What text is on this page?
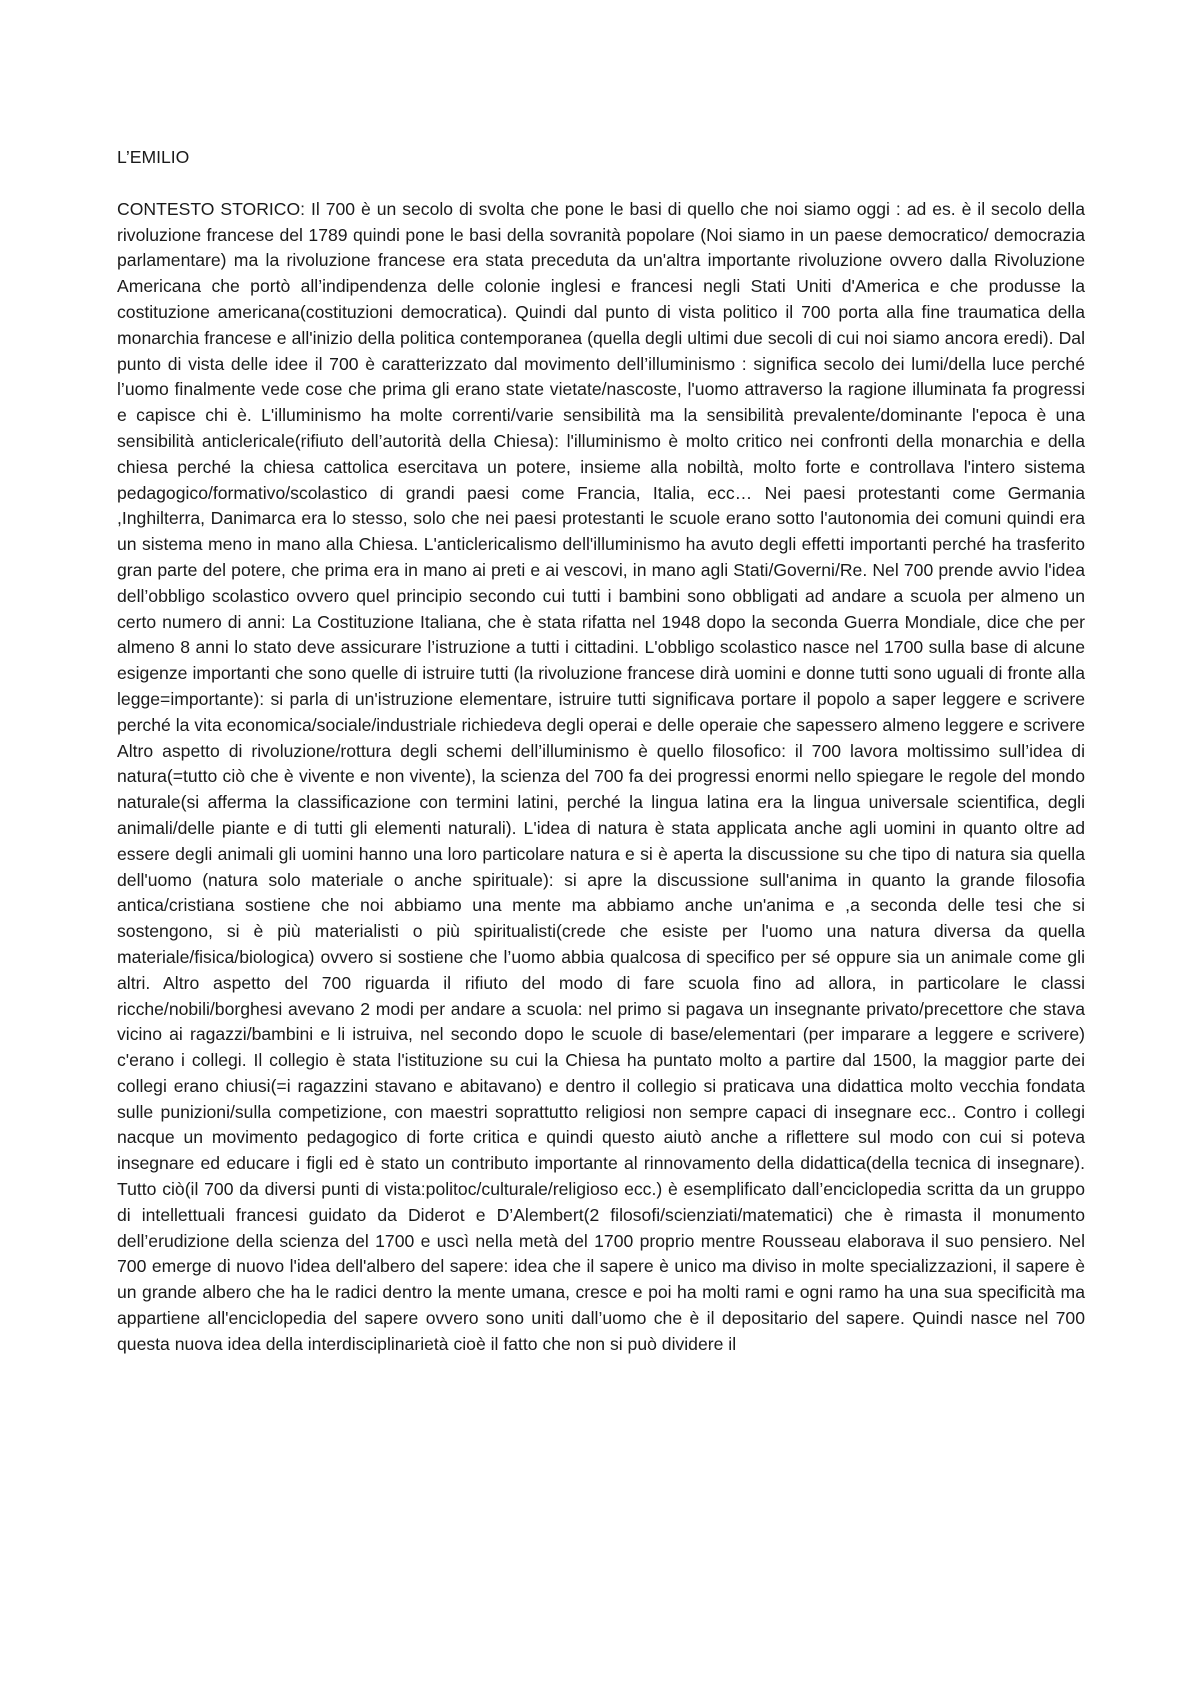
L’EMILIO

CONTESTO STORICO: Il 700 è un secolo di svolta che pone le basi di quello che noi siamo oggi : ad es. è il secolo della rivoluzione francese del 1789 quindi pone le basi della sovranità popolare (Noi siamo in un paese democratico/ democrazia parlamentare) ma la rivoluzione francese era stata preceduta da un'altra importante rivoluzione ovvero dalla Rivoluzione Americana che portò all’indipendenza delle colonie inglesi e francesi negli Stati Uniti d'America e che produsse la costituzione americana(costituzioni democratica). Quindi dal punto di vista politico il 700 porta alla fine traumatica della monarchia francese e all'inizio della politica contemporanea (quella degli ultimi due secoli di cui noi siamo ancora eredi). Dal punto di vista delle idee il 700 è caratterizzato dal movimento dell’illuminismo : significa secolo dei lumi/della luce perché l’uomo finalmente vede cose che prima gli erano state vietate/nascoste, l'uomo attraverso la ragione illuminata fa progressi e capisce chi è. L'illuminismo ha molte correnti/varie sensibilità ma la sensibilità prevalente/dominante l'epoca è una sensibilità anticlericale(rifiuto dell’autorità della Chiesa): l'illuminismo è molto critico nei confronti della monarchia e della chiesa perché la chiesa cattolica esercitava un potere, insieme alla nobiltà, molto forte e controllava l'intero sistema pedagogico/formativo/scolastico di grandi paesi come Francia, Italia, ecc… Nei paesi protestanti come Germania ,Inghilterra, Danimarca era lo stesso, solo che nei paesi protestanti le scuole erano sotto l'autonomia dei comuni quindi era un sistema meno in mano alla Chiesa. L'anticlericalismo dell'illuminismo ha avuto degli effetti importanti perché ha trasferito gran parte del potere, che prima era in mano ai preti e ai vescovi, in mano agli Stati/Governi/Re. Nel 700 prende avvio l'idea dell’obbligo scolastico ovvero quel principio secondo cui tutti i bambini sono obbligati ad andare a scuola per almeno un certo numero di anni: La Costituzione Italiana, che è stata rifatta nel 1948 dopo la seconda Guerra Mondiale, dice che per almeno 8 anni lo stato deve assicurare l’istruzione a tutti i cittadini. L'obbligo scolastico nasce nel 1700 sulla base di alcune esigenze importanti che sono quelle di istruire tutti (la rivoluzione francese dirà uomini e donne tutti sono uguali di fronte alla legge=importante): si parla di un'istruzione elementare, istruire tutti significava portare il popolo a saper leggere e scrivere perché la vita economica/sociale/industriale richiedeva degli operai e delle operaie che sapessero almeno leggere e scrivere Altro aspetto di rivoluzione/rottura degli schemi dell’illuminismo è quello filosofico: il 700 lavora moltissimo sull’idea di natura(=tutto ciò che è vivente e non vivente), la scienza del 700 fa dei progressi enormi nello spiegare le regole del mondo naturale(si afferma la classificazione con termini latini, perché la lingua latina era la lingua universale scientifica, degli animali/delle piante e di tutti gli elementi naturali). L'idea di natura è stata applicata anche agli uomini in quanto oltre ad essere degli animali gli uomini hanno una loro particolare natura e si è aperta la discussione su che tipo di natura sia quella dell'uomo (natura solo materiale o anche spirituale): si apre la discussione sull'anima in quanto la grande filosofia antica/cristiana sostiene che noi abbiamo una mente ma abbiamo anche un'anima e ,a seconda delle tesi che si sostengono, si è più materialisti o più spiritualisti(crede che esiste per l'uomo una natura diversa da quella materiale/fisica/biologica) ovvero si sostiene che l’uomo abbia qualcosa di specifico per sé oppure sia un animale come gli altri. Altro aspetto del 700 riguarda il rifiuto del modo di fare scuola fino ad allora, in particolare le classi ricche/nobili/borghesi avevano 2 modi per andare a scuola: nel primo si pagava un insegnante privato/precettore che stava vicino ai ragazzi/bambini e li istruiva, nel secondo dopo le scuole di base/elementari (per imparare a leggere e scrivere) c'erano i collegi. Il collegio è stata l'istituzione su cui la Chiesa ha puntato molto a partire dal 1500, la maggior parte dei collegi erano chiusi(=i ragazzini stavano e abitavano) e dentro il collegio si praticava una didattica molto vecchia fondata sulle punizioni/sulla competizione, con maestri soprattutto religiosi non sempre capaci di insegnare ecc.. Contro i collegi nacque un movimento pedagogico di forte critica e quindi questo aiutò anche a riflettere sul modo con cui si poteva insegnare ed educare i figli ed è stato un contributo importante al rinnovamento della didattica(della tecnica di insegnare). Tutto ciò(il 700 da diversi punti di vista:politoc/culturale/religioso ecc.) è esemplificato dall’enciclopedia scritta da un gruppo di intellettuali francesi guidato da Diderot e D’Alembert(2 filosofi/scienziati/matematici) che è rimasta il monumento dell’erudizione della scienza del 1700 e uscì nella metà del 1700 proprio mentre Rousseau elaborava il suo pensiero. Nel 700 emerge di nuovo l'idea dell'albero del sapere: idea che il sapere è unico ma diviso in molte specializzazioni, il sapere è un grande albero che ha le radici dentro la mente umana, cresce e poi ha molti rami e ogni ramo ha una sua specificità ma appartiene all'enciclopedia del sapere ovvero sono uniti dall’uomo che è il depositario del sapere. Quindi nasce nel 700 questa nuova idea della interdisciplinarietà cioè il fatto che non si può dividere il
